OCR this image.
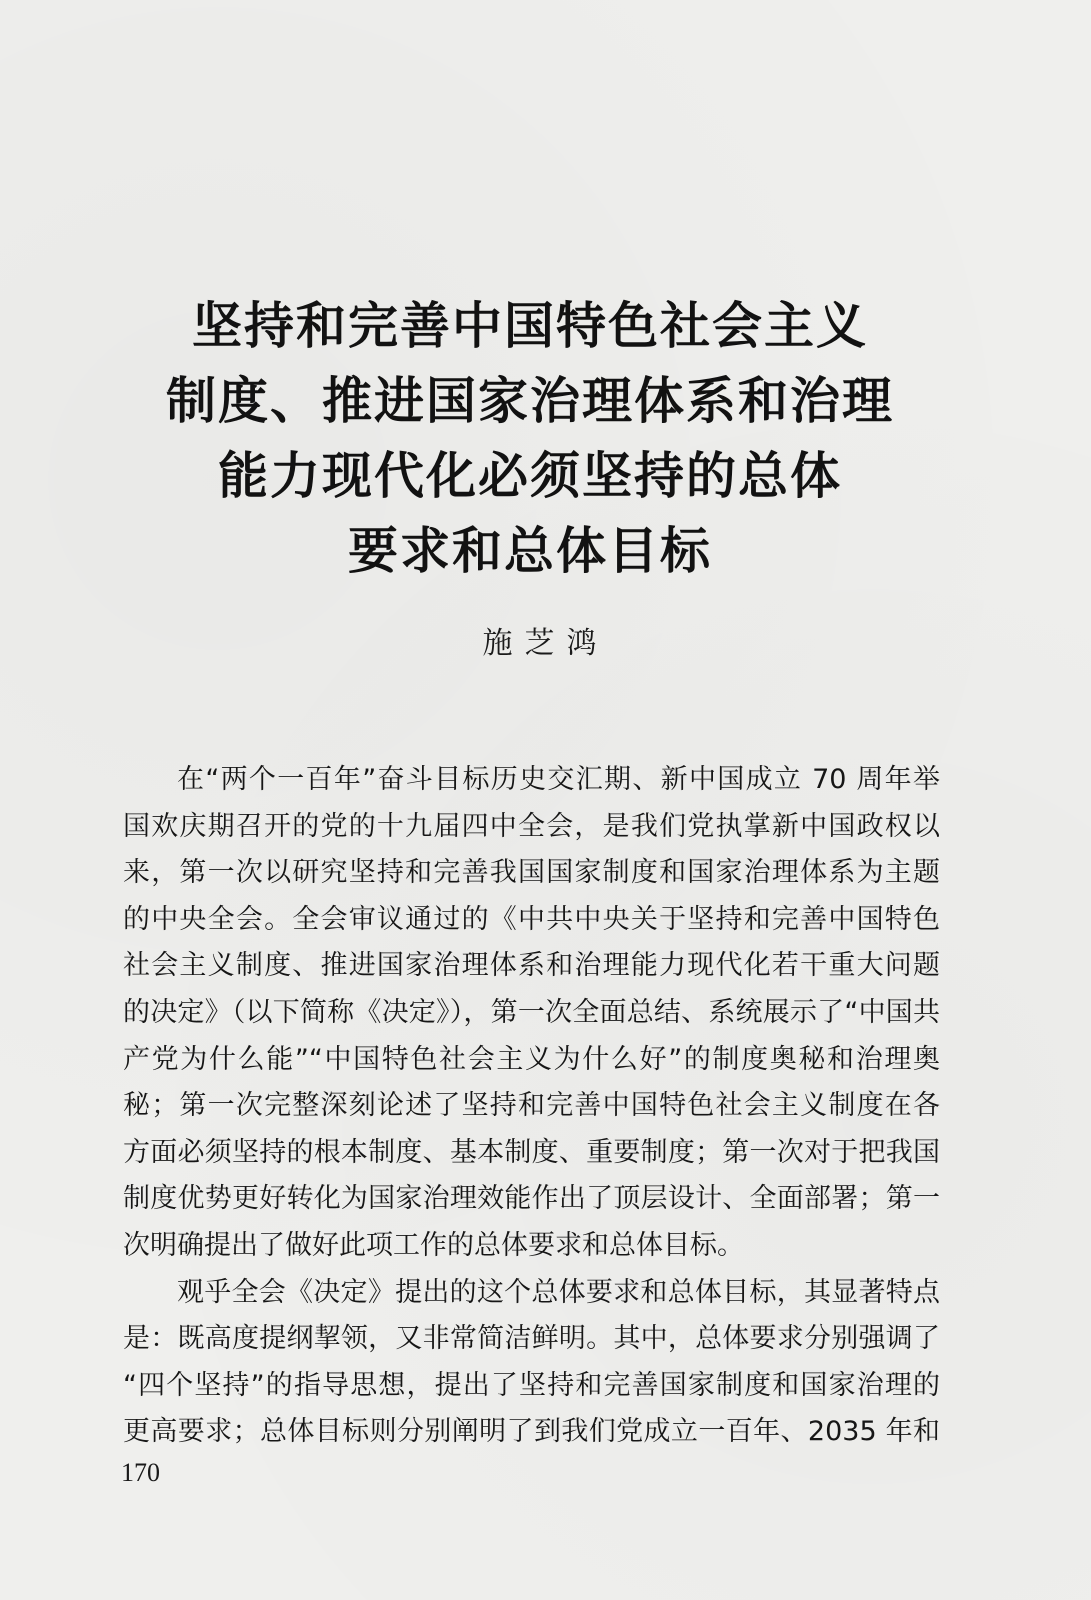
坚持和完善中国特色社会主义
制度、推进国家治理体系和治理
能力现代化必须坚持的总体
要求和总体目标
施芝鸿
在“两个一百年”奋斗目标历史交汇期、新中国成立 70 周年举
国欢庆期召开的党的十九届四中全会，是我们党执掌新中国政权以
来，第一次以研究坚持和完善我国国家制度和国家治理体系为主题
的中央全会。全会审议通过的《中共中央关于坚持和完善中国特色
社会主义制度、推进国家治理体系和治理能力现代化若干重大问题
的决定》（以下简称《决定》），第一次全面总结、系统展示了“中国共
产党为什么能”“中国特色社会主义为什么好”的制度奥秘和治理奥
秘；第一次完整深刻论述了坚持和完善中国特色社会主义制度在各
方面必须坚持的根本制度、基本制度、重要制度；第一次对于把我国
制度优势更好转化为国家治理效能作出了顶层设计、全面部署；第一
次明确提出了做好此项工作的总体要求和总体目标。
观乎全会《决定》提出的这个总体要求和总体目标，其显著特点
是：既高度提纲挈领，又非常简洁鲜明。其中，总体要求分别强调了
“四个坚持”的指导思想，提出了坚持和完善国家制度和国家治理的
更高要求；总体目标则分别阐明了到我们党成立一百年、2035 年和
170
